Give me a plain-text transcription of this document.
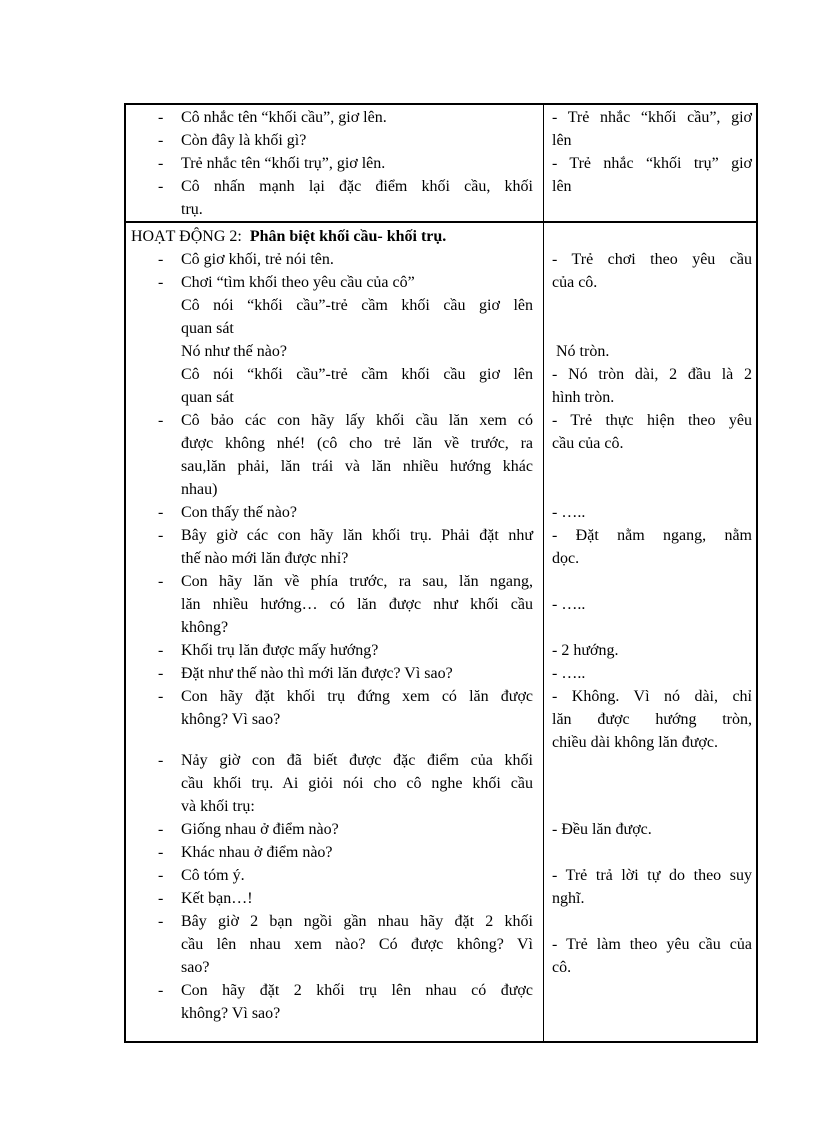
- Cô nhắc tên “khối cầu”, giơ lên.
- Còn đây là khối gì?
- Trẻ nhắc tên “khối trụ”, giơ lên.
- Cô nhấn mạnh lại đặc điểm khối cầu, khối
trụ.
- Trẻ nhắc “khối cầu”, giơ
lên
- Trẻ nhắc “khối trụ” giơ
lên
HOẠT ĐỘNG 2: Phân biệt khối cầu- khối trụ.
- Cô giơ khối, trẻ nói tên.
- Chơi “tìm khối theo yêu cầu của cô”
Cô nói “khối cầu”-trẻ cầm khối cầu giơ lên
quan sát
Nó như thế nào?
Cô nói “khối cầu”-trẻ cầm khối cầu giơ lên
quan sát
- Cô bảo các con hãy lấy khối cầu lăn xem có
được không nhé! (cô cho trẻ lăn về trước, ra
sau,lăn phải, lăn trái và lăn nhiều hướng khác
nhau)
- Con thấy thế nào?
- Bây giờ các con hãy lăn khối trụ. Phải đặt như
thế nào mới lăn được nhỉ?
- Con hãy lăn về phía trước, ra sau, lăn ngang,
lăn nhiều hướng… có lăn được như khối cầu
không?
- Khối trụ lăn được mấy hướng?
- Đặt như thế nào thì mới lăn được? Vì sao?
- Con hãy đặt khối trụ đứng xem có lăn được
không? Vì sao?
- Nảy giờ con đã biết được đặc điểm của khối
cầu khối trụ. Ai giỏi nói cho cô nghe khối cầu
và khối trụ:
- Giống nhau ở điểm nào?
- Khác nhau ở điểm nào?
- Cô tóm ý.
- Kết bạn…!
- Bây giờ 2 bạn ngồi gần nhau hãy đặt 2 khối
cầu lên nhau xem nào? Có được không? Vì
sao?
- Con hãy đặt 2 khối trụ lên nhau có được
không? Vì sao?
- Trẻ chơi theo yêu cầu
của cô.
Nó tròn.
- Nó tròn dài, 2 đầu là 2
hình tròn.
- Trẻ thực hiện theo yêu
cầu của cô.
- …..
- Đặt nằm ngang, nằm
dọc.
- …..
- 2 hướng.
- …..
- Không. Vì nó dài, chỉ
lăn được hướng tròn,
chiều dài không lăn được.
- Đều lăn được.
- Trẻ trả lời tự do theo suy
nghĩ.
- Trẻ làm theo yêu cầu của
cô.
